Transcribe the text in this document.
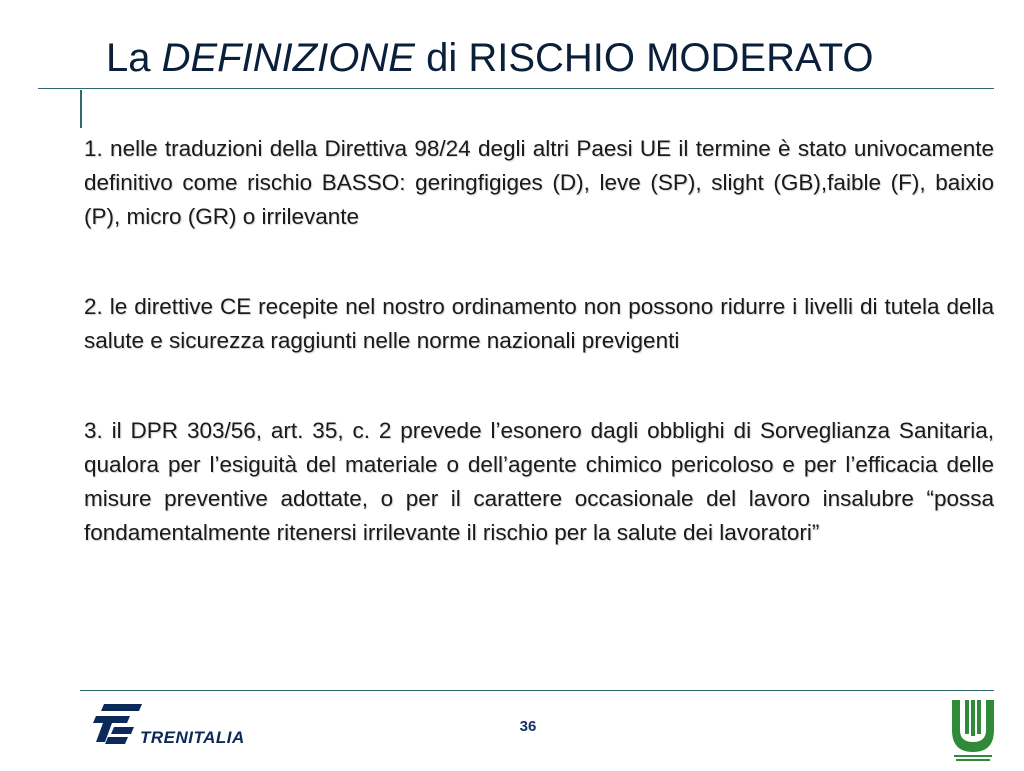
La DEFINIZIONE di RISCHIO MODERATO

1. nelle traduzioni della Direttiva 98/24 degli altri Paesi UE il termine è stato univocamente definitivo come rischio BASSO: geringfigiges (D), leve (SP), slight (GB),faible (F), baixio (P), micro (GR) o irrilevante

2. le direttive CE recepite nel nostro ordinamento non possono ridurre i livelli di tutela della salute e sicurezza raggiunti nelle norme nazionali previgenti

3. il DPR 303/56, art. 35, c. 2 prevede l’esonero dagli obblighi di Sorveglianza Sanitaria, qualora per l’esiguità del materiale o dell’agente chimico pericoloso e per l’efficacia delle misure preventive adottate, o per il carattere occasionale del lavoro insalubre “possa fondamentalmente ritenersi irrilevante il rischio per la salute dei lavoratori”

TRENITALIA
36
